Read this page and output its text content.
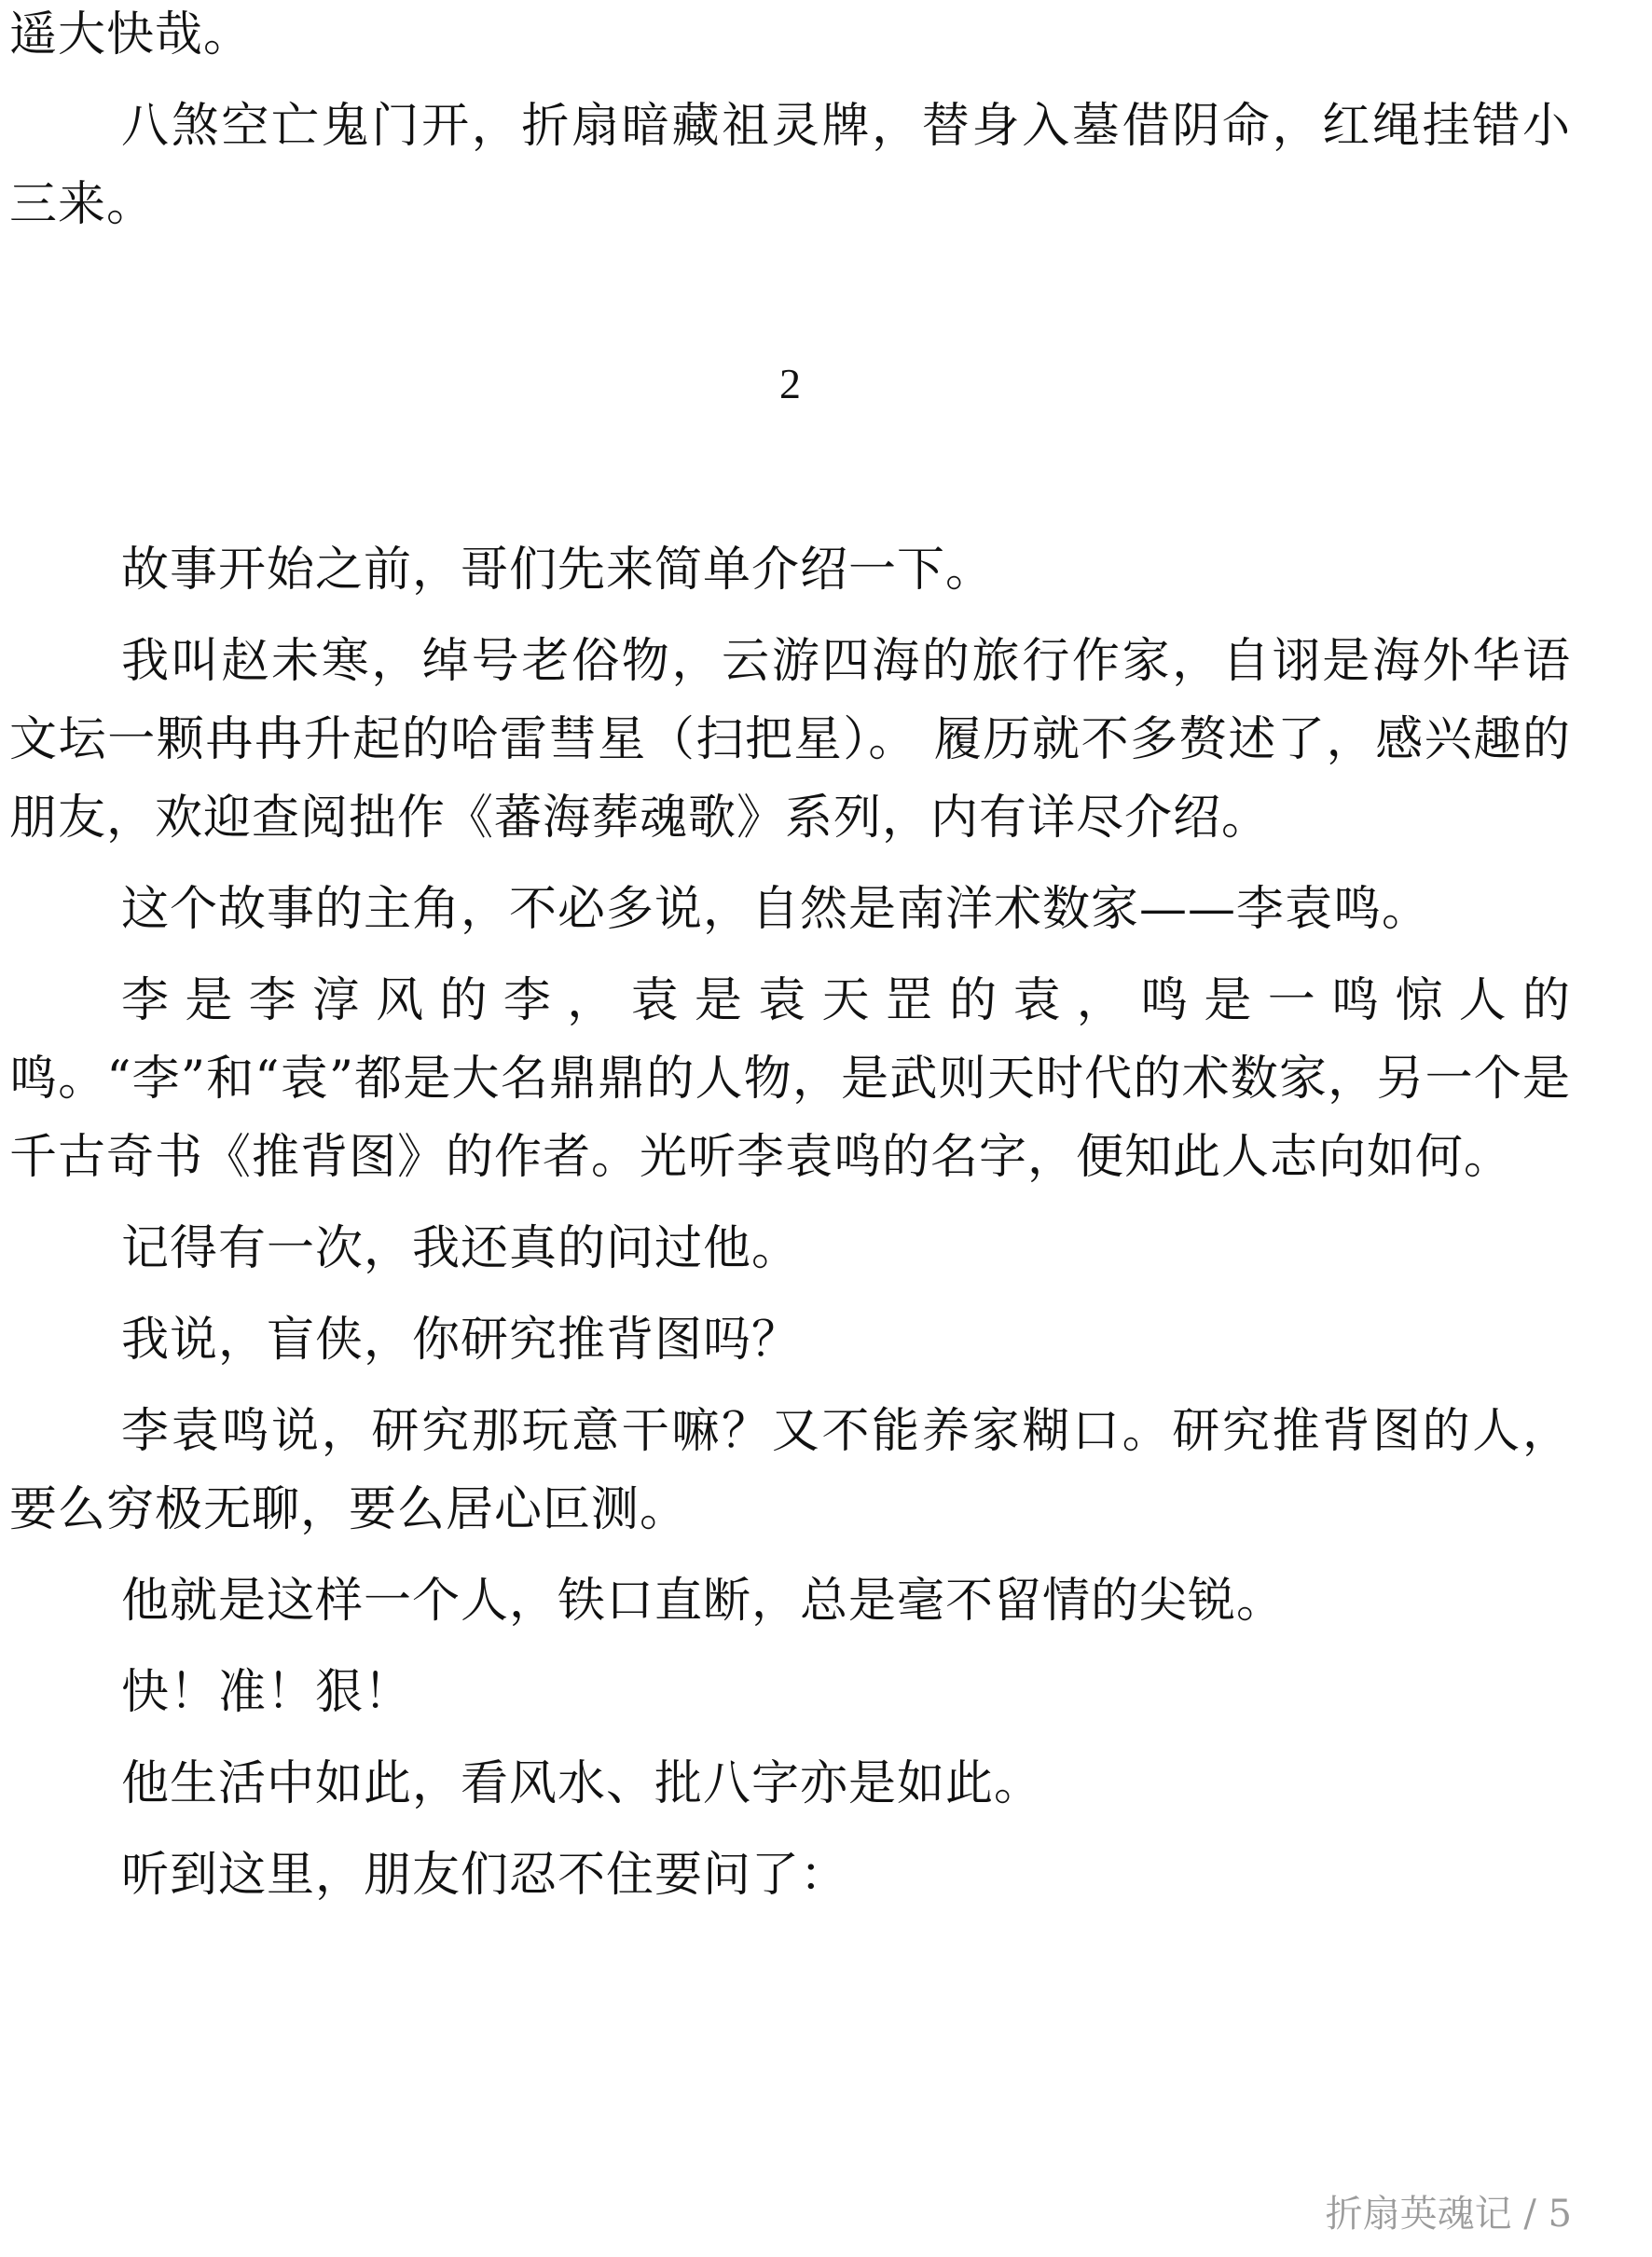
遥大快哉。

八煞空亡鬼门开，折扇暗藏祖灵牌，替身入墓借阴命，红绳挂错小三来。

2

故事开始之前，哥们先来简单介绍一下。

我叫赵未寒，绰号老俗物，云游四海的旅行作家，自诩是海外华语文坛一颗冉冉升起的哈雷彗星（扫把星）。 履历就不多赘述了，感兴趣的朋友，欢迎查阅拙作《蕃海葬魂歌》系列，内有详尽介绍。

这个故事的主角，不必多说，自然是南洋术数家——李袁鸣。

李是李淳风的李，袁是袁天罡的袁，鸣是一鸣惊人的鸣。“李”和“袁”都是大名鼎鼎的人物，是武则天时代的术数家，另一个是千古奇书《推背图》的作者。光听李袁鸣的名字，便知此人志向如何。

记得有一次，我还真的问过他。

我说，盲侠，你研究推背图吗？

李袁鸣说，研究那玩意干嘛？又不能养家糊口。研究推背图的人，要么穷极无聊，要么居心叵测。

他就是这样一个人，铁口直断，总是毫不留情的尖锐。

快！准！狠！

他生活中如此，看风水、批八字亦是如此。

听到这里，朋友们忍不住要问了：

折扇英魂记 / 5
